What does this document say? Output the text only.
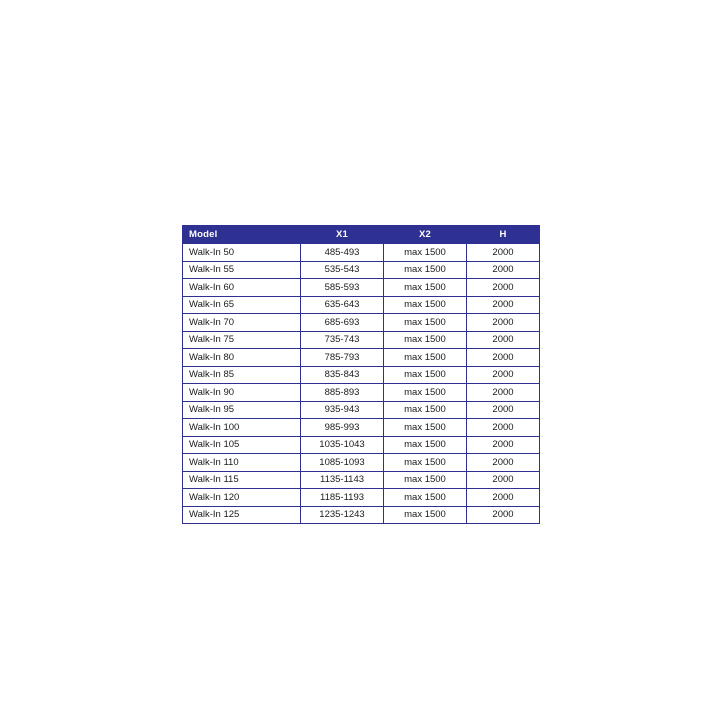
Model	X1	X2	H
Walk-In 50	485-493	max 1500	2000
Walk-In 55	535-543	max 1500	2000
Walk-In 60	585-593	max 1500	2000
Walk-In 65	635-643	max 1500	2000
Walk-In 70	685-693	max 1500	2000
Walk-In 75	735-743	max 1500	2000
Walk-In 80	785-793	max 1500	2000
Walk-In 85	835-843	max 1500	2000
Walk-In 90	885-893	max 1500	2000
Walk-In 95	935-943	max 1500	2000
Walk-In 100	985-993	max 1500	2000
Walk-In 105	1035-1043	max 1500	2000
Walk-In 110	1085-1093	max 1500	2000
Walk-In 115	1135-1143	max 1500	2000
Walk-In 120	1185-1193	max 1500	2000
Walk-In 125	1235-1243	max 1500	2000
